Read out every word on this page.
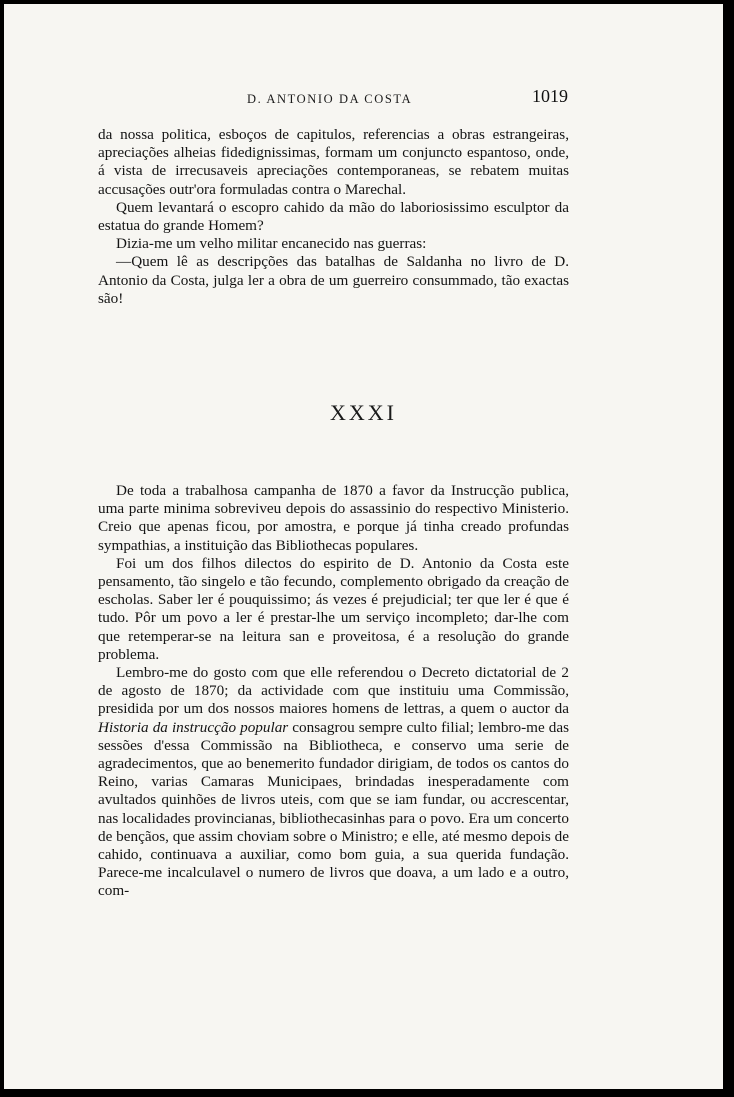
D. ANTONIO DA COSTA	1019

da nossa politica, esboços de capitulos, referencias a obras estrangeiras, apreciações alheias fidedignissimas, formam um conjuncto espantoso, onde, á vista de irrecusaveis apreciações contemporaneas, se rebatem muitas accusações outr'ora formuladas contra o Marechal.

Quem levantará o escopro cahido da mão do laboriosissimo esculptor da estatua do grande Homem?

Dizia-me um velho militar encanecido nas guerras:

—Quem lê as descripções das batalhas de Saldanha no livro de D. Antonio da Costa, julga ler a obra de um guerreiro consummado, tão exactas são!

XXXI

De toda a trabalhosa campanha de 1870 a favor da Instrucção publica, uma parte minima sobreviveu depois do assassinio do respectivo Ministerio. Creio que apenas ficou, por amostra, e porque já tinha creado profundas sympathias, a instituição das Bibliothecas populares.

Foi um dos filhos dilectos do espirito de D. Antonio da Costa este pensamento, tão singelo e tão fecundo, complemento obrigado da creação de escholas. Saber ler é pouquissimo; ás vezes é prejudicial; ter que ler é que é tudo. Pôr um povo a ler é prestar-lhe um serviço incompleto; dar-lhe com que retemperar-se na leitura san e proveitosa, é a resolução do grande problema.

Lembro-me do gosto com que elle referendou o Decreto dictatorial de 2 de agosto de 1870; da actividade com que instituiu uma Commissão, presidida por um dos nossos maiores homens de lettras, a quem o auctor da Historia da instrucção popular consagrou sempre culto filial; lembro-me das sessões d'essa Commissão na Bibliotheca, e conservo uma serie de agradecimentos, que ao benemerito fundador dirigiam, de todos os cantos do Reino, varias Camaras Municipaes, brindadas inesperadamente com avultados quinhões de livros uteis, com que se iam fundar, ou accrescentar, nas localidades provincianas, bibliothecasinhas para o povo. Era um concerto de bençãos, que assim choviam sobre o Ministro; e elle, até mesmo depois de cahido, continuava a auxiliar, como bom guia, a sua querida fundação. Parece-me incalculavel o numero de livros que doava, a um lado e a outro, com-
